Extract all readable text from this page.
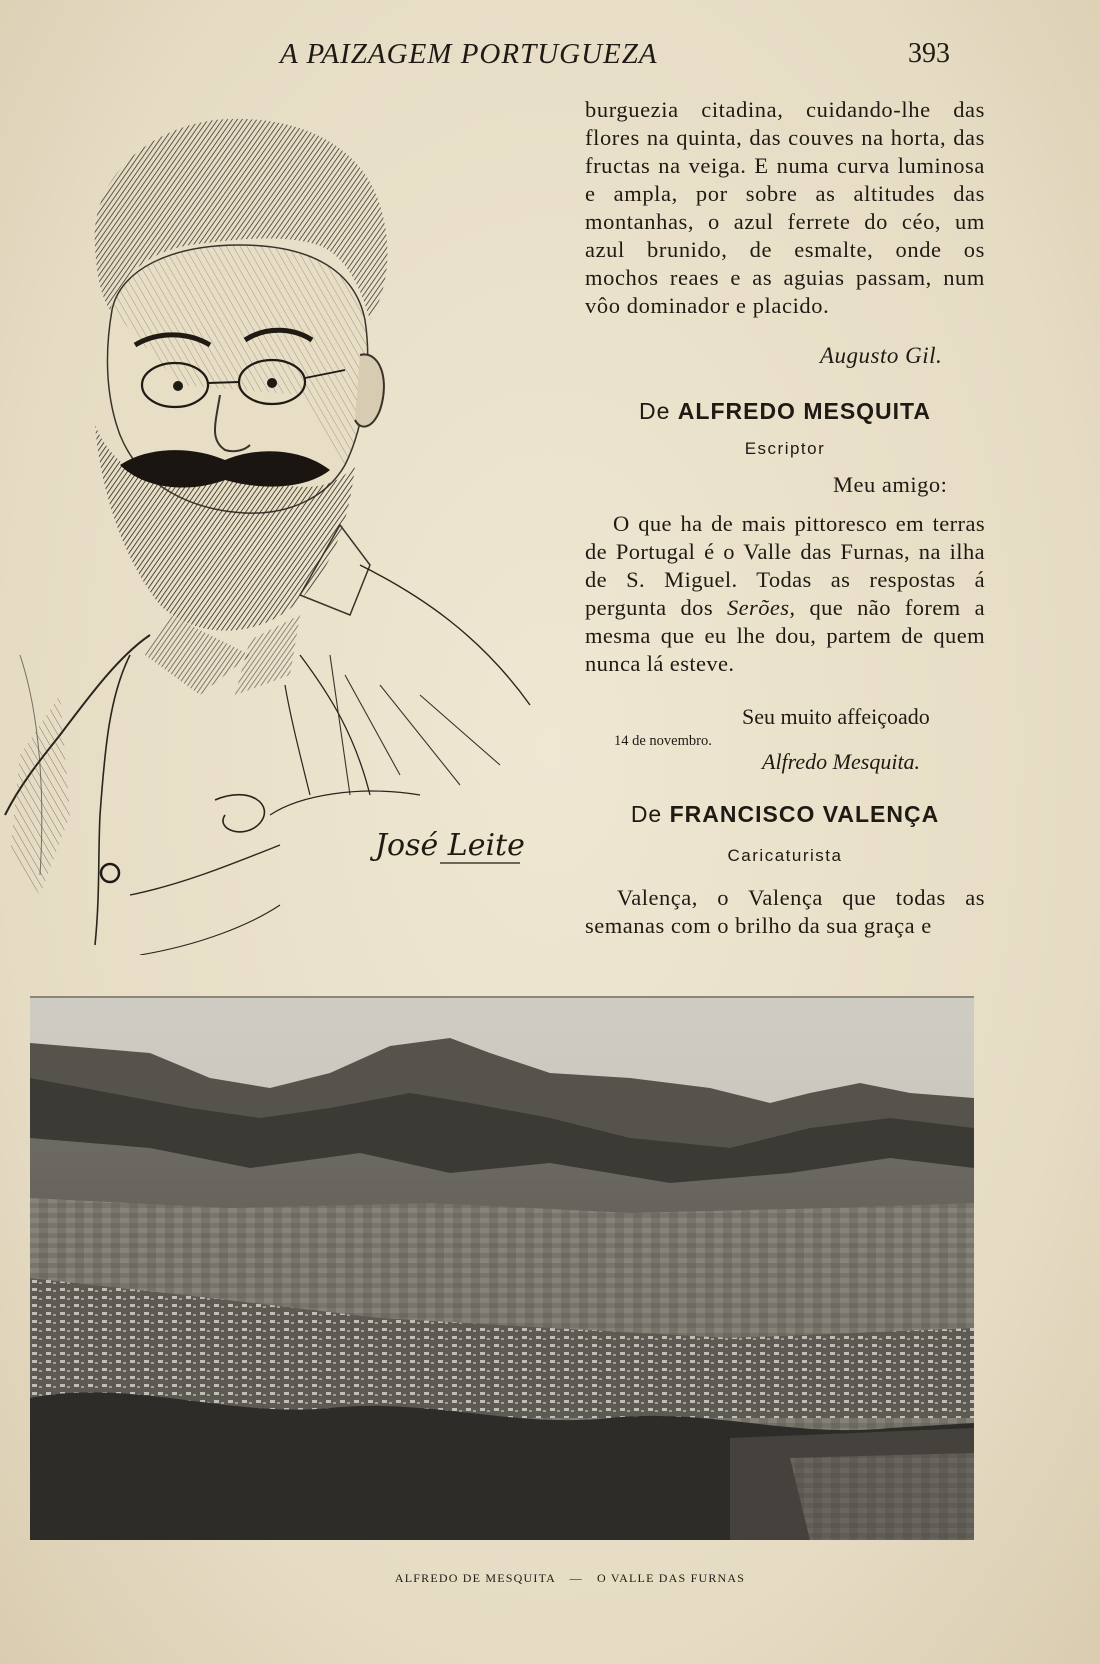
A PAIZAGEM PORTUGUEZA	393
José Leite

burguezia citadina, cuidando-lhe das flores na quinta, das couves na horta, das fructas na veiga. E numa curva luminosa e ampla, por sobre as altitudes das montanhas, o azul ferrete do céo, um azul brunido, de esmalte, onde os mochos reaes e as aguias passam, num vôo dominador e placido.

Augusto Gil.
De ALFREDO MESQUITA
Escriptor
Meu amigo:

O que ha de mais pittoresco em terras de Portugal é o Valle das Furnas, na ilha de S. Miguel. Todas as respostas á pergunta dos Serões, que não forem a mesma que eu lhe dou, partem de quem nunca lá esteve.

Seu muito affeiçoado
14 de novembro.
Alfredo Mesquita.
De FRANCISCO VALENÇA
Caricaturista

Valença, o Valença que todas as semanas com o brilho da sua graça e

ALFREDO DE MESQUITA — O VALLE DAS FURNAS
